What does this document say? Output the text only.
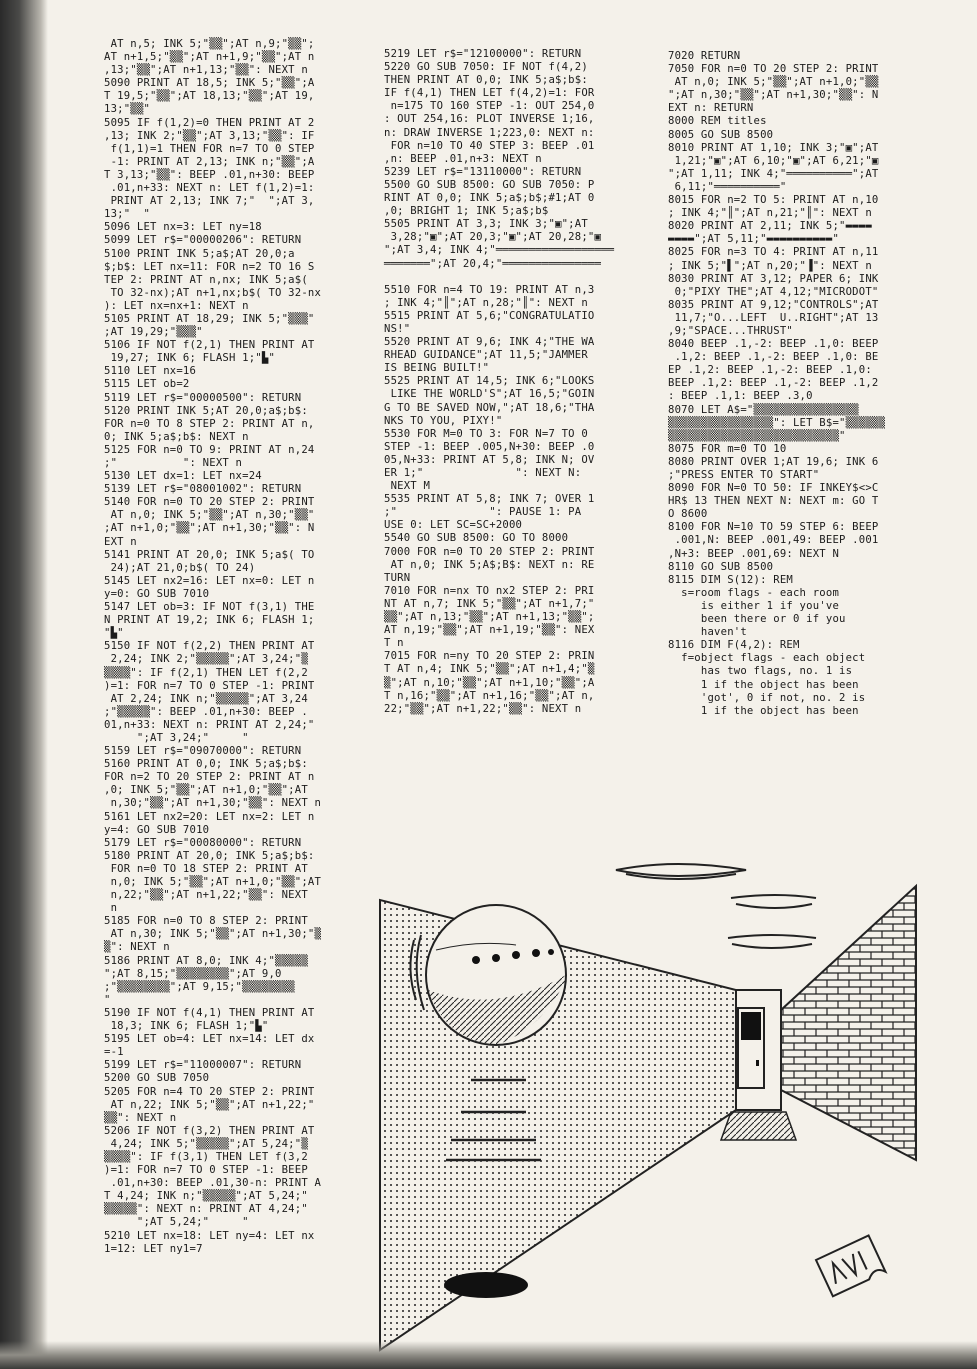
AT n,5; INK 5;"▒▒";AT n,9;"▒▒";
AT n+1,5;"▒▒";AT n+1,9;"▒▒";AT n
,13;"▒▒";AT n+1,13;"▒▒": NEXT n
5090 PRINT AT 18,5; INK 5;"▒▒";A
T 19,5;"▒▒";AT 18,13;"▒▒";AT 19,
13;"▒▒"
5095 IF f(1,2)=0 THEN PRINT AT 2
,13; INK 2;"▒▒";AT 3,13;"▒▒": IF
f(1,1)=1 THEN FOR n=7 TO 0 STEP
-1: PRINT AT 2,13; INK n;"▒▒";A
T 3,13;"▒▒": BEEP .01,n+30: BEEP
.01,n+33: NEXT n: LET f(1,2)=1:
PRINT AT 2,13; INK 7;"  ";AT 3,
13;"  "
5096 LET nx=3: LET ny=18
5099 LET r$="00000206": RETURN
5100 PRINT INK 5;a$;AT 20,0;a
$;b$: LET nx=11: FOR n=2 TO 16 S
TEP 2: PRINT AT n,nx; INK 5;a$(
TO 32-nx);AT n+1,nx;b$( TO 32-nx
): LET nx=nx+1: NEXT n
5105 PRINT AT 18,29; INK 5;"▒▒▒"
;AT 19,29;"▒▒▒"
5106 IF NOT f(2,1) THEN PRINT AT
19,27; INK 6; FLASH 1;"▙"
5110 LET nx=16
5115 LET ob=2
5119 LET r$="00000500": RETURN
5120 PRINT INK 5;AT 20,0;a$;b$:
FOR n=0 TO 8 STEP 2: PRINT AT n,
0; INK 5;a$;b$: NEXT n
5125 FOR n=0 TO 9: PRINT AT n,24
;"          ": NEXT n
5130 LET dx=1: LET nx=24
5139 LET r$="08001002": RETURN
5140 FOR n=0 TO 20 STEP 2: PRINT
AT n,0; INK 5;"▒▒";AT n,30;"▒▒"
;AT n+1,0;"▒▒";AT n+1,30;"▒▒": N
EXT n
5141 PRINT AT 20,0; INK 5;a$( TO
24);AT 21,0;b$( TO 24)
5145 LET nx2=16: LET nx=0: LET n
y=0: GO SUB 7010
5147 LET ob=3: IF NOT f(3,1) THE
N PRINT AT 19,2; INK 6; FLASH 1;
"▙"
5150 IF NOT f(2,2) THEN PRINT AT
2,24; INK 2;"▒▒▒▒▒";AT 3,24;"▒
▒▒▒▒": IF f(2,1) THEN LET f(2,2
)=1: FOR n=7 TO 0 STEP -1: PRINT
AT 2,24; INK n;"▒▒▒▒▒";AT 3,24
;"▒▒▒▒▒": BEEP .01,n+30: BEEP .
01,n+33: NEXT n: PRINT AT 2,24;"
";AT 3,24;"     "
5159 LET r$="09070000": RETURN
5160 PRINT AT 0,0; INK 5;a$;b$:
FOR n=2 TO 20 STEP 2: PRINT AT n
,0; INK 5;"▒▒";AT n+1,0;"▒▒";AT
n,30;"▒▒";AT n+1,30;"▒▒": NEXT n
5161 LET nx2=20: LET nx=2: LET n
y=4: GO SUB 7010
5179 LET r$="00080000": RETURN
5180 PRINT AT 20,0; INK 5;a$;b$:
FOR n=0 TO 18 STEP 2: PRINT AT
n,0; INK 5;"▒▒";AT n+1,0;"▒▒";AT
n,22;"▒▒";AT n+1,22;"▒▒": NEXT
n
5185 FOR n=0 TO 8 STEP 2: PRINT
AT n,30; INK 5;"▒▒";AT n+1,30;"▒
▒": NEXT n
5186 PRINT AT 8,0; INK 4;"▒▒▒▒▒
";AT 8,15;"▒▒▒▒▒▒▒▒";AT 9,0
;"▒▒▒▒▒▒▒▒";AT 9,15;"▒▒▒▒▒▒▒▒
"
5190 IF NOT f(4,1) THEN PRINT AT
18,3; INK 6; FLASH 1;"▙"
5195 LET ob=4: LET nx=14: LET dx
=-1
5199 LET r$="11000007": RETURN
5200 GO SUB 7050
5205 FOR n=4 TO 20 STEP 2: PRINT
AT n,22; INK 5;"▒▒";AT n+1,22;"
▒▒": NEXT n
5206 IF NOT f(3,2) THEN PRINT AT
4,24; INK 5;"▒▒▒▒▒";AT 5,24;"▒
▒▒▒▒": IF f(3,1) THEN LET f(3,2
)=1: FOR n=7 TO 0 STEP -1: BEEP
.01,n+30: BEEP .01,30-n: PRINT A
T 4,24; INK n;"▒▒▒▒▒";AT 5,24;"
▒▒▒▒▒": NEXT n: PRINT AT 4,24;"
";AT 5,24;"     "
5210 LET nx=18: LET ny=4: LET nx
1=12: LET ny1=7
5219 LET r$="12100000": RETURN
5220 GO SUB 7050: IF NOT f(4,2)
THEN PRINT AT 0,0; INK 5;a$;b$:
IF f(4,1) THEN LET f(4,2)=1: FOR
n=175 TO 160 STEP -1: OUT 254,0
: OUT 254,16: PLOT INVERSE 1;16,
n: DRAW INVERSE 1;223,0: NEXT n:
FOR n=10 TO 40 STEP 3: BEEP .01
,n: BEEP .01,n+3: NEXT n
5239 LET r$="13110000": RETURN
5500 GO SUB 8500: GO SUB 7050: P
RINT AT 0,0; INK 5;a$;b$;#1;AT 0
,0; BRIGHT 1; INK 5;a$;b$
5505 PRINT AT 3,3; INK 3;"▣";AT
3,28;"▣";AT 20,3;"▣";AT 20,28;"▣
";AT 3,4; INK 4;"══════════════════
═══════";AT 20,4;"═══════════════
5510 FOR n=4 TO 19: PRINT AT n,3
; INK 4;"║";AT n,28;"║": NEXT n
5515 PRINT AT 5,6;"CONGRATULATIO
NS!"
5520 PRINT AT 9,6; INK 4;"THE WA
RHEAD GUIDANCE";AT 11,5;"JAMMER
IS BEING BUILT!"
5525 PRINT AT 14,5; INK 6;"LOOKS
LIKE THE WORLD'S";AT 16,5;"GOIN
G TO BE SAVED NOW,";AT 18,6;"THA
NKS TO YOU, PIXY!"
5530 FOR M=0 TO 3: FOR N=7 TO 0
STEP -1: BEEP .005,N+30: BEEP .0
05,N+33: PRINT AT 5,8; INK N; OV
ER 1;"              ": NEXT N:
NEXT M
5535 PRINT AT 5,8; INK 7; OVER 1
;"              ": PAUSE 1: PA
USE 0: LET SC=SC+2000
5540 GO SUB 8500: GO TO 8000
7000 FOR n=0 TO 20 STEP 2: PRINT
AT n,0; INK 5;A$;B$: NEXT n: RE
TURN
7010 FOR n=nx TO nx2 STEP 2: PRI
NT AT n,7; INK 5;"▒▒";AT n+1,7;"
▒▒";AT n,13;"▒▒";AT n+1,13;"▒▒";
AT n,19;"▒▒";AT n+1,19;"▒▒": NEX
T n
7015 FOR n=ny TO 20 STEP 2: PRIN
T AT n,4; INK 5;"▒▒";AT n+1,4;"▒
▒";AT n,10;"▒▒";AT n+1,10;"▒▒";A
T n,16;"▒▒";AT n+1,16;"▒▒";AT n,
22;"▒▒";AT n+1,22;"▒▒": NEXT n
7020 RETURN
7050 FOR n=0 TO 20 STEP 2: PRINT
AT n,0; INK 5;"▒▒";AT n+1,0;"▒▒
";AT n,30;"▒▒";AT n+1,30;"▒▒": N
EXT n: RETURN
8000 REM titles
8005 GO SUB 8500
8010 PRINT AT 1,10; INK 3;"▣";AT
1,21;"▣";AT 6,10;"▣";AT 6,21;"▣
";AT 1,11; INK 4;"══════════";AT
6,11;"══════════"
8015 FOR n=2 TO 5: PRINT AT n,10
; INK 4;"║";AT n,21;"║": NEXT n
8020 PRINT AT 2,11; INK 5;"▬▬▬▬
▬▬▬▬";AT 5,11;"▬▬▬▬▬▬▬▬▬▬"
8025 FOR n=3 TO 4: PRINT AT n,11
; INK 5;"▌";AT n,20;"▐": NEXT n
8030 PRINT AT 3,12; PAPER 6; INK
0;"PIXY THE";AT 4,12;"MICRODOT"
8035 PRINT AT 9,12;"CONTROLS";AT
11,7;"O...LEFT  U..RIGHT";AT 13
,9;"SPACE...THRUST"
8040 BEEP .1,-2: BEEP .1,0: BEEP
.1,2: BEEP .1,-2: BEEP .1,0: BE
EP .1,2: BEEP .1,-2: BEEP .1,0:
BEEP .1,2: BEEP .1,-2: BEEP .1,2
: BEEP .1,1: BEEP .3,0
8070 LET A$="▒▒▒▒▒▒▒▒▒▒▒▒▒▒▒▒
▒▒▒▒▒▒▒▒▒▒▒▒▒▒▒▒": LET B$="▒▒▒▒▒▒
▒▒▒▒▒▒▒▒▒▒▒▒▒▒▒▒▒▒▒▒▒▒▒▒▒▒"
8075 FOR m=0 TO 10
8080 PRINT OVER 1;AT 19,6; INK 6
;"PRESS ENTER TO START"
8090 FOR N=0 TO 50: IF INKEY$<>C
HR$ 13 THEN NEXT N: NEXT m: GO T
O 8600
8100 FOR N=10 TO 59 STEP 6: BEEP
.001,N: BEEP .001,49: BEEP .001
,N+3: BEEP .001,69: NEXT N
8110 GO SUB 8500
8115 DIM S(12): REM
s=room flags - each room
is either 1 if you've
been there or 0 if you
haven't
8116 DIM F(4,2): REM
f=object flags - each object
has two flags, no. 1 is
1 if the object has been
'got', 0 if not, no. 2 is
1 if the object has been
